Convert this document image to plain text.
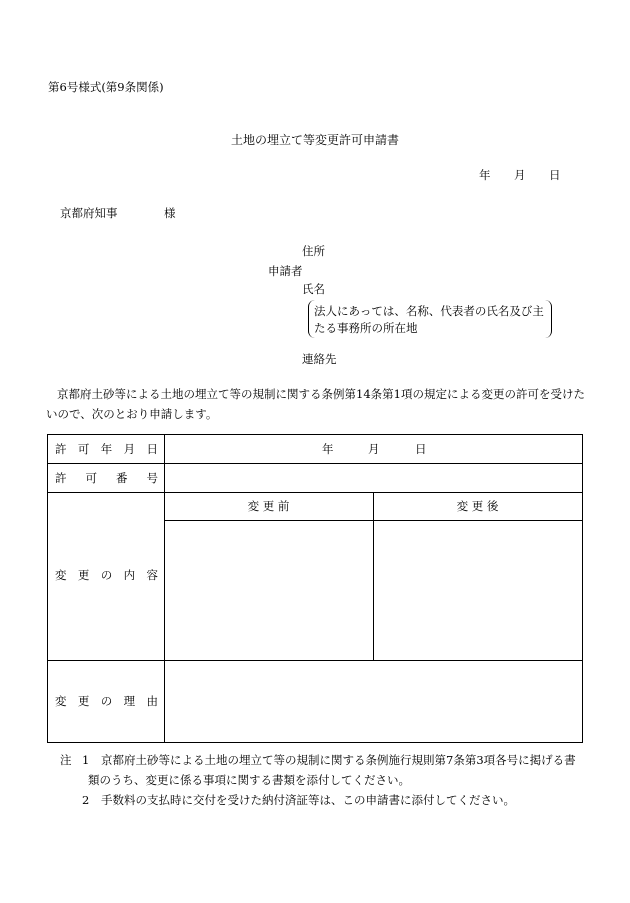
第6号様式(第9条関係)
土地の埋立て等変更許可申請書
年 月 日
京都府知事	様
住所
申請者
氏名
法人にあっては、名称、代表者の氏名及び主たる事務所の所在地
連絡先
京都府土砂等による土地の埋立て等の規制に関する条例第14条第1項の規定による変更の許可を受けたいので、次のとおり申請します。
許 可 年 月 日	年	月	日
許 可 番 号
変 更 の 内 容
変 更 前	変 更 後
変 更 の 理 由
注 1 京都府土砂等による土地の埋立て等の規制に関する条例施行規則第7条第3項各号に掲げる書
類のうち、変更に係る事項に関する書類を添付してください。
2 手数料の支払時に交付を受けた納付済証等は、この申請書に添付してください。
